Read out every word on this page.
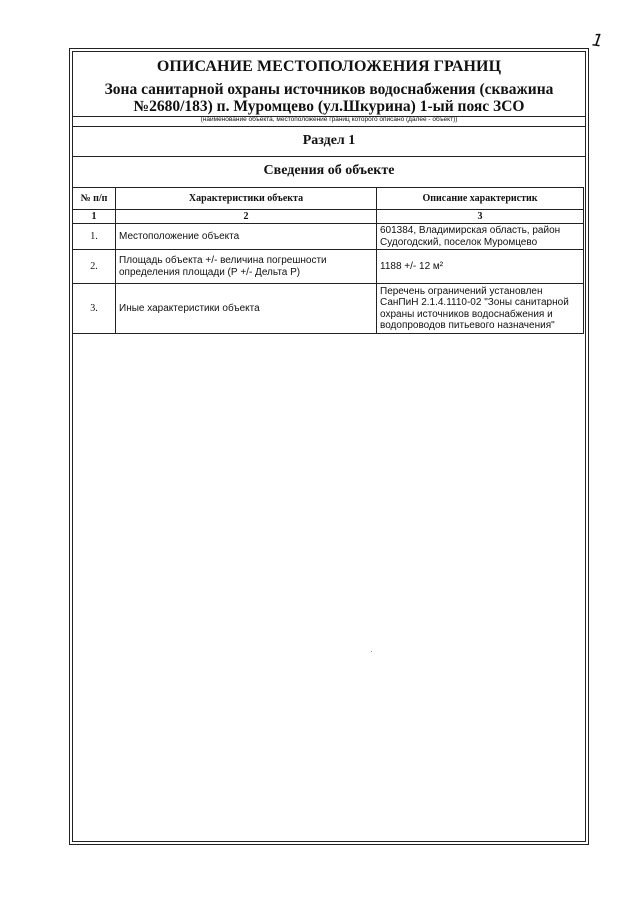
1
ОПИСАНИЕ МЕСТОПОЛОЖЕНИЯ ГРАНИЦ
Зона санитарной охраны источников водоснабжения (скважина №2680/183) п. Муромцево (ул.Шкурина) 1-ый пояс ЗСО
(наименование объекта, местоположение границ которого описано (далее - объект))
Раздел 1
Сведения об объекте
№ п/п	Характеристики объекта	Описание характеристик
1	2	3
1.	Местоположение объекта	601384, Владимирская область, район Судогодский, поселок Муромцево
2.	Площадь объекта +/- величина погрешности определения площади (Р +/- Дельта Р)	1188 +/- 12 м²
3.	Иные характеристики объекта	Перечень ограничений установлен СанПиН 2.1.4.1110-02 "Зоны санитарной охраны источников водоснабжения и водопроводов питьевого назначения"
